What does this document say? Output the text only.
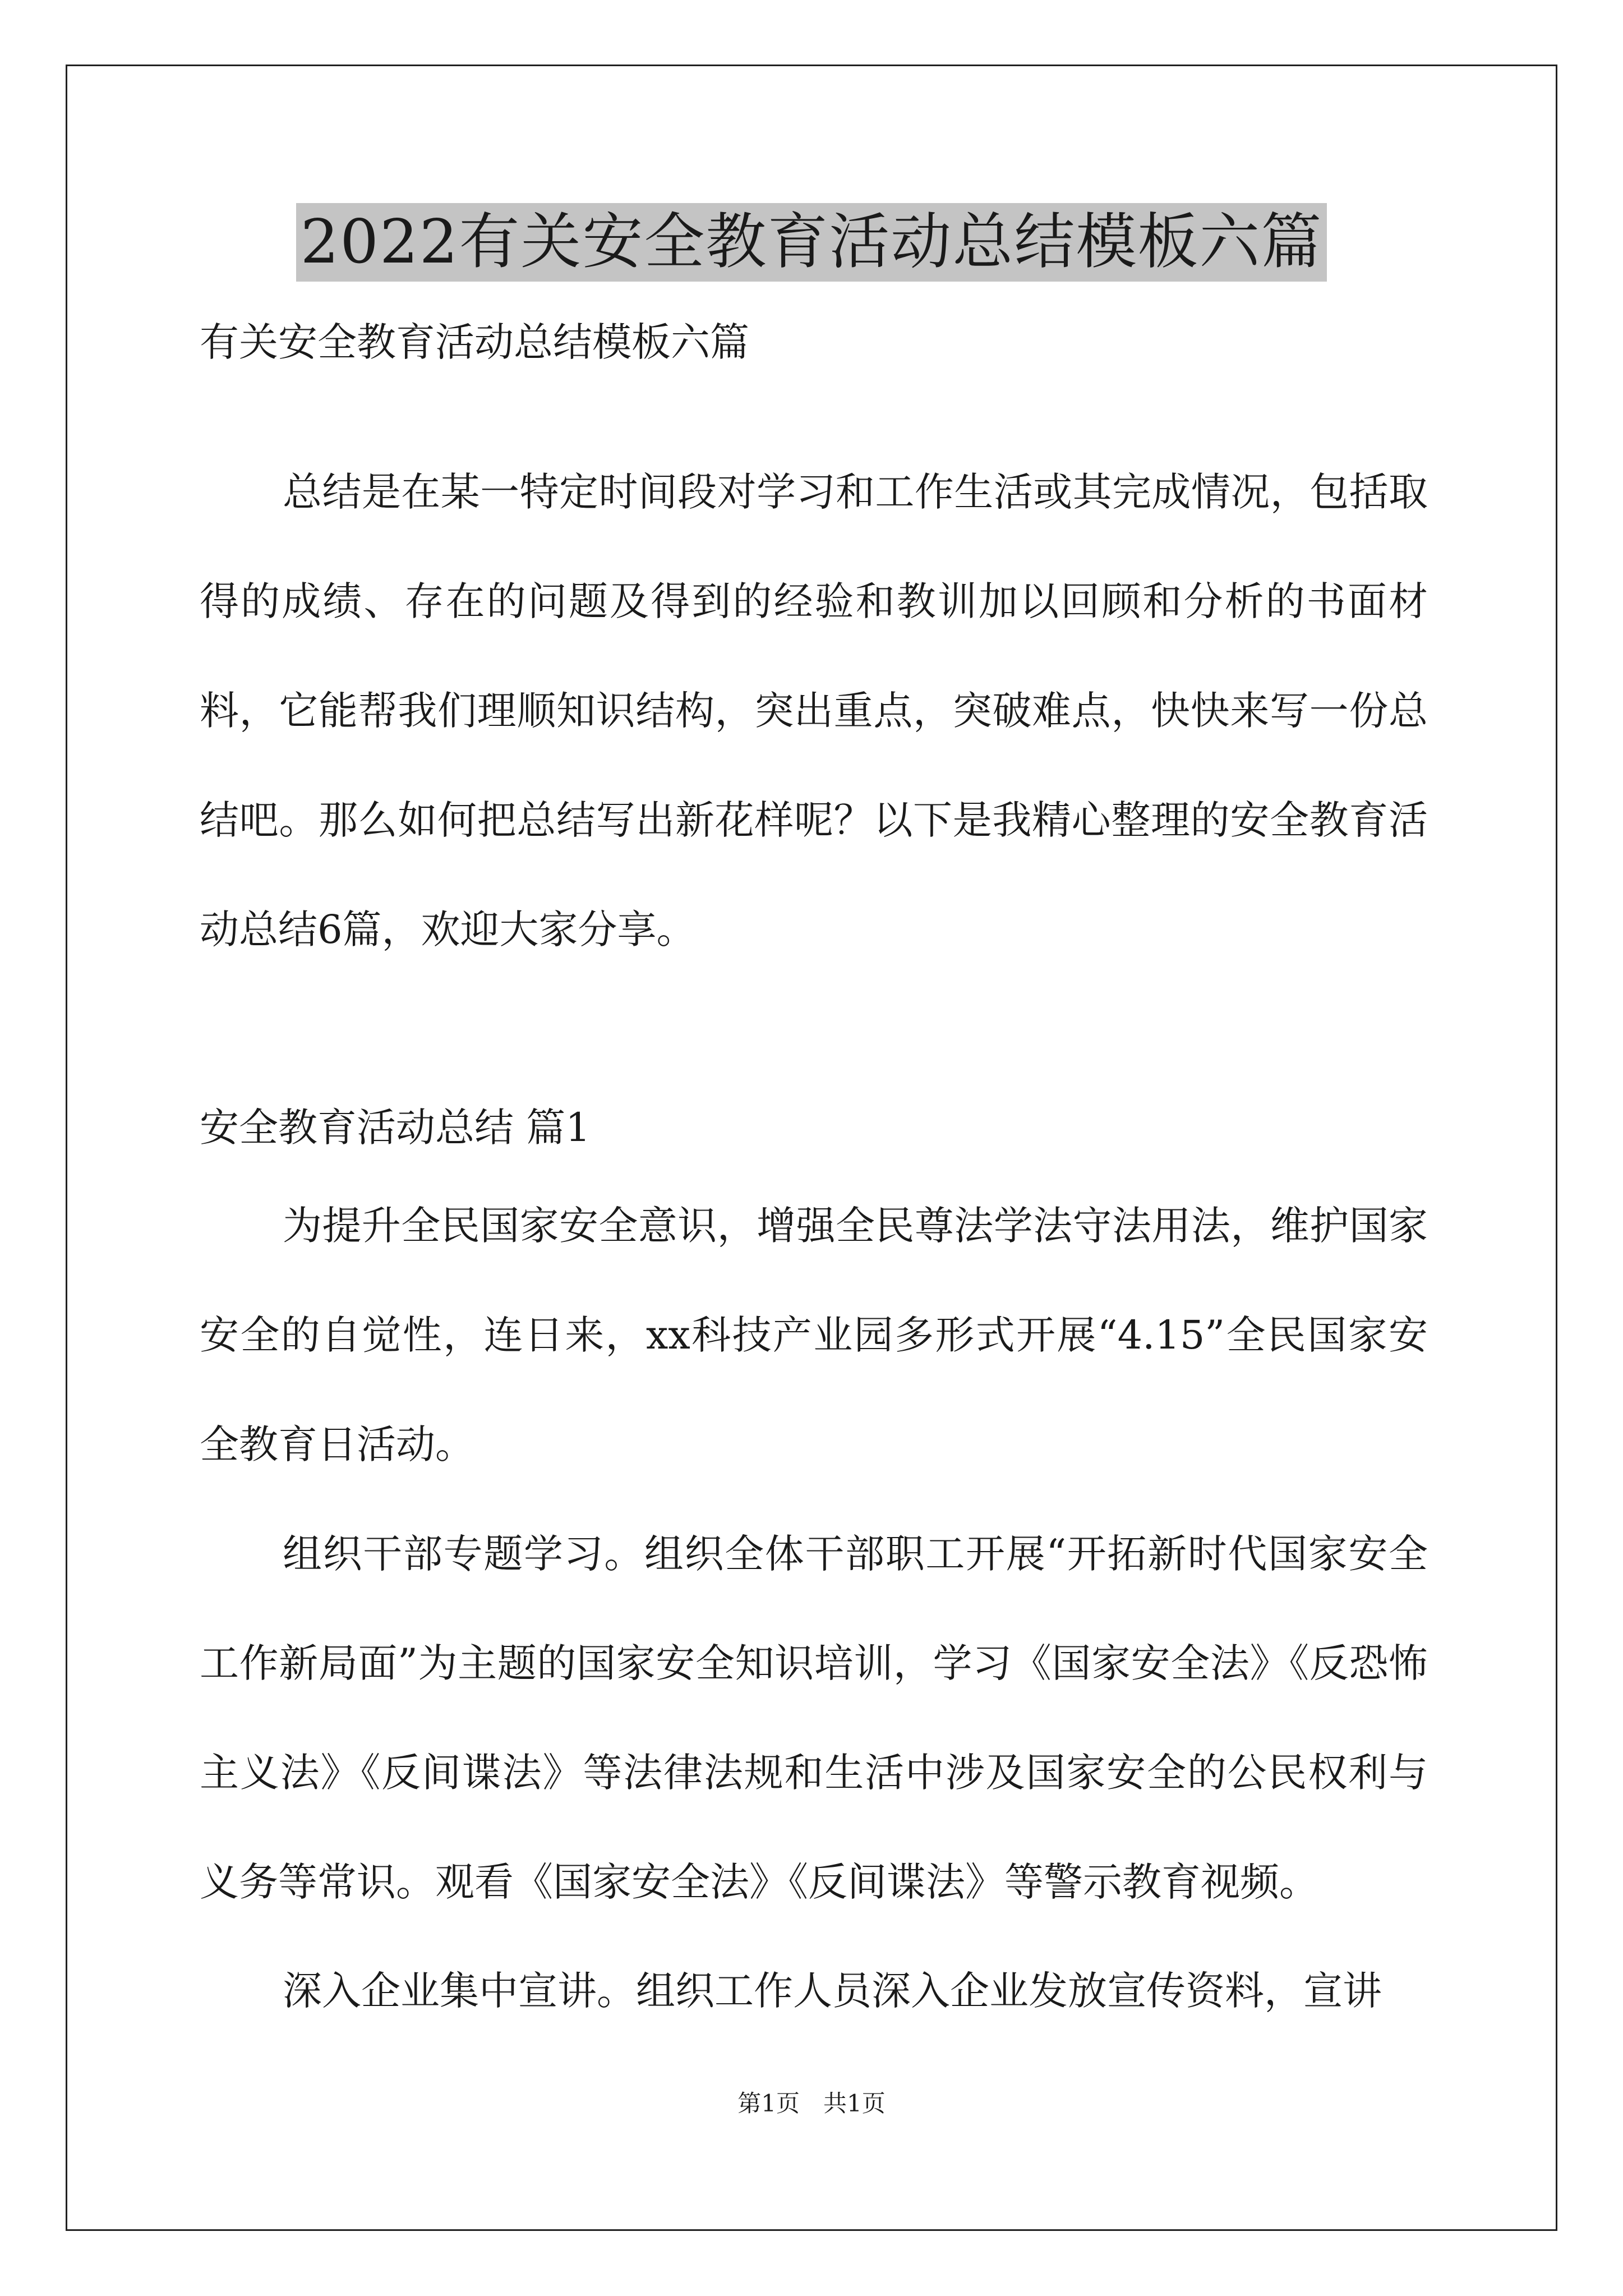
2022有关安全教育活动总结模板六篇
有关安全教育活动总结模板六篇

总结是在某一特定时间段对学习和工作生活或其完成情况，包括取得的成绩、存在的问题及得到的经验和教训加以回顾和分析的书面材料，它能帮我们理顺知识结构，突出重点，突破难点，快快来写一份总结吧。那么如何把总结写出新花样呢？以下是我精心整理的安全教育活动总结6篇，欢迎大家分享。

安全教育活动总结 篇1

为提升全民国家安全意识，增强全民尊法学法守法用法，维护国家安全的自觉性，连日来，xx科技产业园多形式开展“4.15”全民国家安全教育日活动。

组织干部专题学习。组织全体干部职工开展“开拓新时代国家安全工作新局面”为主题的国家安全知识培训，学习《国家安全法》《反恐怖主义法》《反间谍法》等法律法规和生活中涉及国家安全的公民权利与义务等常识。观看《国家安全法》《反间谍法》等警示教育视频。

深入企业集中宣讲。组织工作人员深入企业发放宣传资料，宣讲

第1页 共1页
